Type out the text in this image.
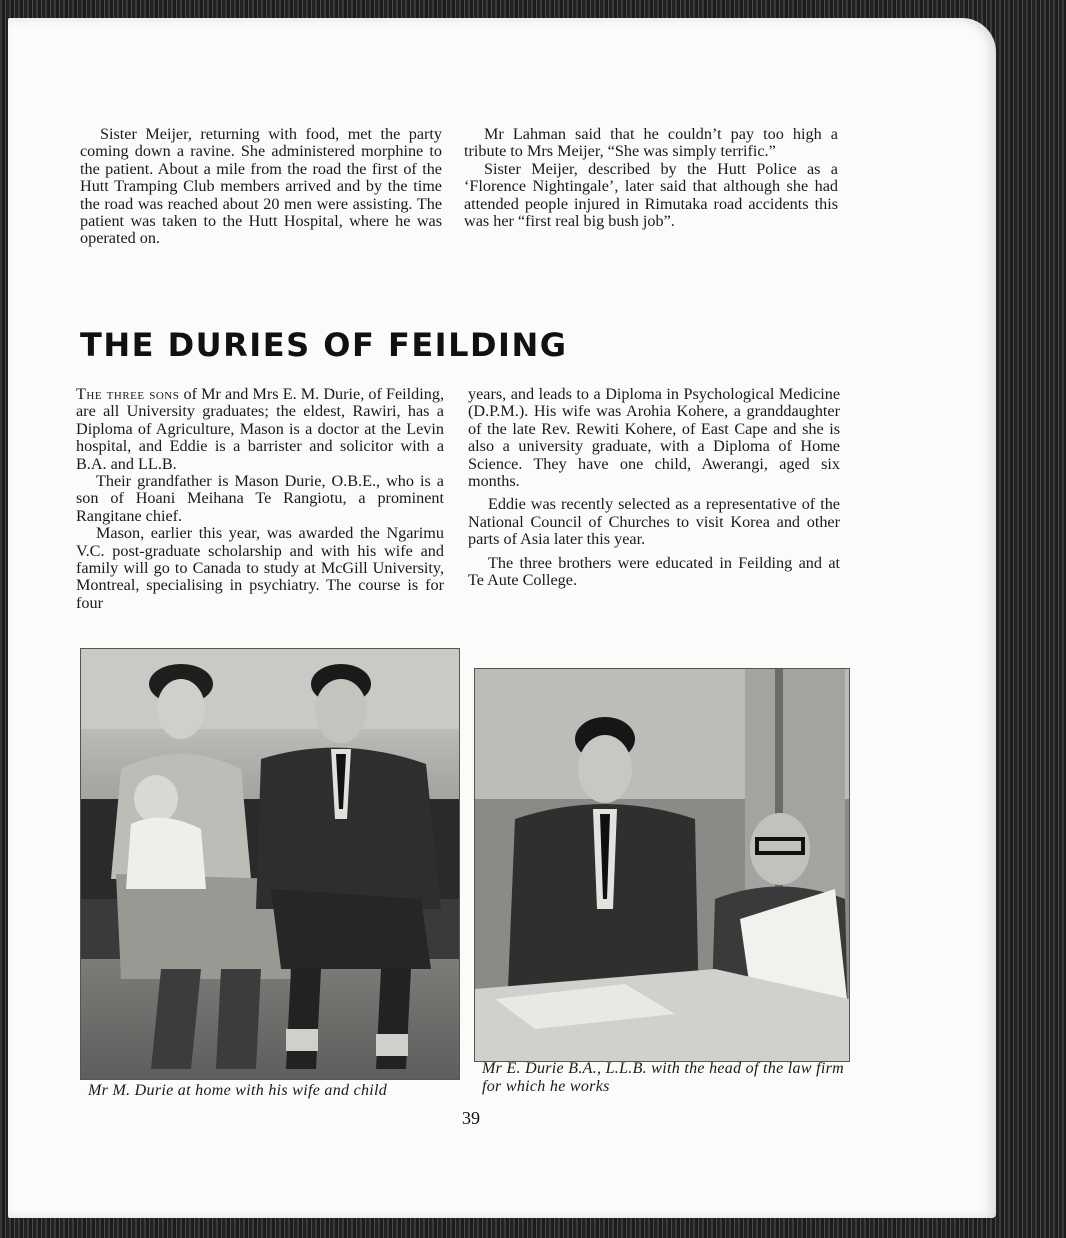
Sister Meijer, returning with food, met the party coming down a ravine. She administered morphine to the patient. About a mile from the road the first of the Hutt Tramping Club members arrived and by the time the road was reached about 20 men were assisting. The patient was taken to the Hutt Hospital, where he was operated on.

Mr Lahman said that he couldn’t pay too high a tribute to Mrs Meijer, “She was simply terrific.”

Sister Meijer, described by the Hutt Police as a ‘Florence Nightingale’, later said that although she had attended people injured in Rimutaka road accidents this was her “first real big bush job”.

THE DURIES OF FEILDING

The three sons of Mr and Mrs E. M. Durie, of Feilding, are all University graduates; the eldest, Rawiri, has a Diploma of Agriculture, Mason is a doctor at the Levin hospital, and Eddie is a barrister and solicitor with a B.A. and LL.B.

Their grandfather is Mason Durie, O.B.E., who is a son of Hoani Meihana Te Rangiotu, a prominent Rangitane chief.

Mason, earlier this year, was awarded the Ngarimu V.C. post-graduate scholarship and with his wife and family will go to Canada to study at McGill University, Montreal, specialising in psychiatry. The course is for four

years, and leads to a Diploma in Psychological Medicine (D.P.M.). His wife was Arohia Kohere, a granddaughter of the late Rev. Rewiti Kohere, of East Cape and she is also a university graduate, with a Diploma of Home Science. They have one child, Awerangi, aged six months.

Eddie was recently selected as a representative of the National Council of Churches to visit Korea and other parts of Asia later this year.

The three brothers were educated in Feilding and at Te Aute College.

Mr M. Durie at home with his wife and child
Mr E. Durie B.A., L.L.B. with the head of the law firm for which he works
39
